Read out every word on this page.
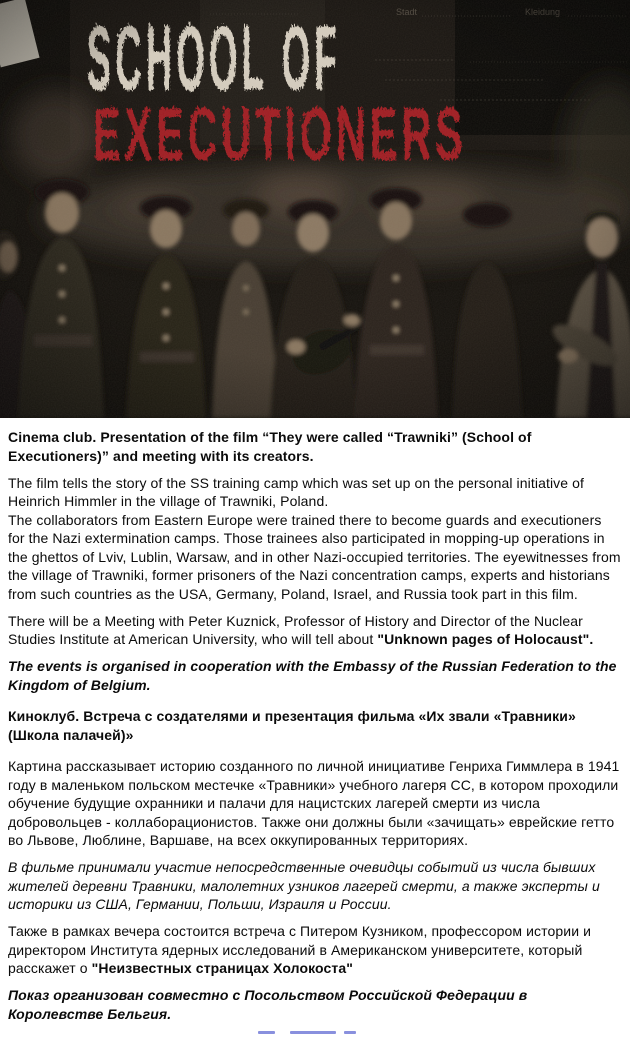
Cinema club. Presentation of the film “They were called “Trawniki” (School of Executioners)” and meeting with its creators.

The film tells the story of the SS training camp which was set up on the personal initiative of Heinrich Himmler in the village of Trawniki, Poland.
The collaborators from Eastern Europe were trained there to become guards and executioners for the Nazi extermination camps. Those trainees also participated in mopping-up operations in the ghettos of Lviv, Lublin, Warsaw, and in other Nazi-occupied territories. The eyewitnesses from the village of Trawniki, former prisoners of the Nazi concentration camps, experts and historians from such countries as the USA, Germany, Poland, Israel, and Russia took part in this film.

There will be a Meeting with Peter Kuznick, Professor of History and Director of the Nuclear Studies Institute at American University, who will tell about "Unknown pages of Holocaust".

The events is organised in cooperation with the Embassy of the Russian Federation to the Kingdom of Belgium.

Киноклуб. Встреча с создателями и презентация фильма «Их звали «Травники» (Школа палачей)»

Картина рассказывает историю созданного по личной инициативе Генриха Гиммлера в 1941 году в маленьком польском местечке «Травники» учебного лагеря СС, в котором проходили обучение будущие охранники и палачи для нацистских лагерей смерти из числа добровольцев - коллаборационистов. Также они должны были «зачищать» еврейские гетто во Львове, Люблине, Варшаве, на всех оккупированных территориях.

В фильме принимали участие непосредственные очевидцы событий из числа бывших жителей деревни Травники, малолетних узников лагерей смерти, а также эксперты и историки из США, Германии, Польши, Израиля и России.

Также в рамках вечера состоится встреча с Питером Кузником, профессором истории и директором Института ядерных исследований в Американском университете, который расскажет о "Неизвестных страницах Холокоста"

Показ организован совместно с Посольством Российской Федерации в Королевстве Бельгия.
